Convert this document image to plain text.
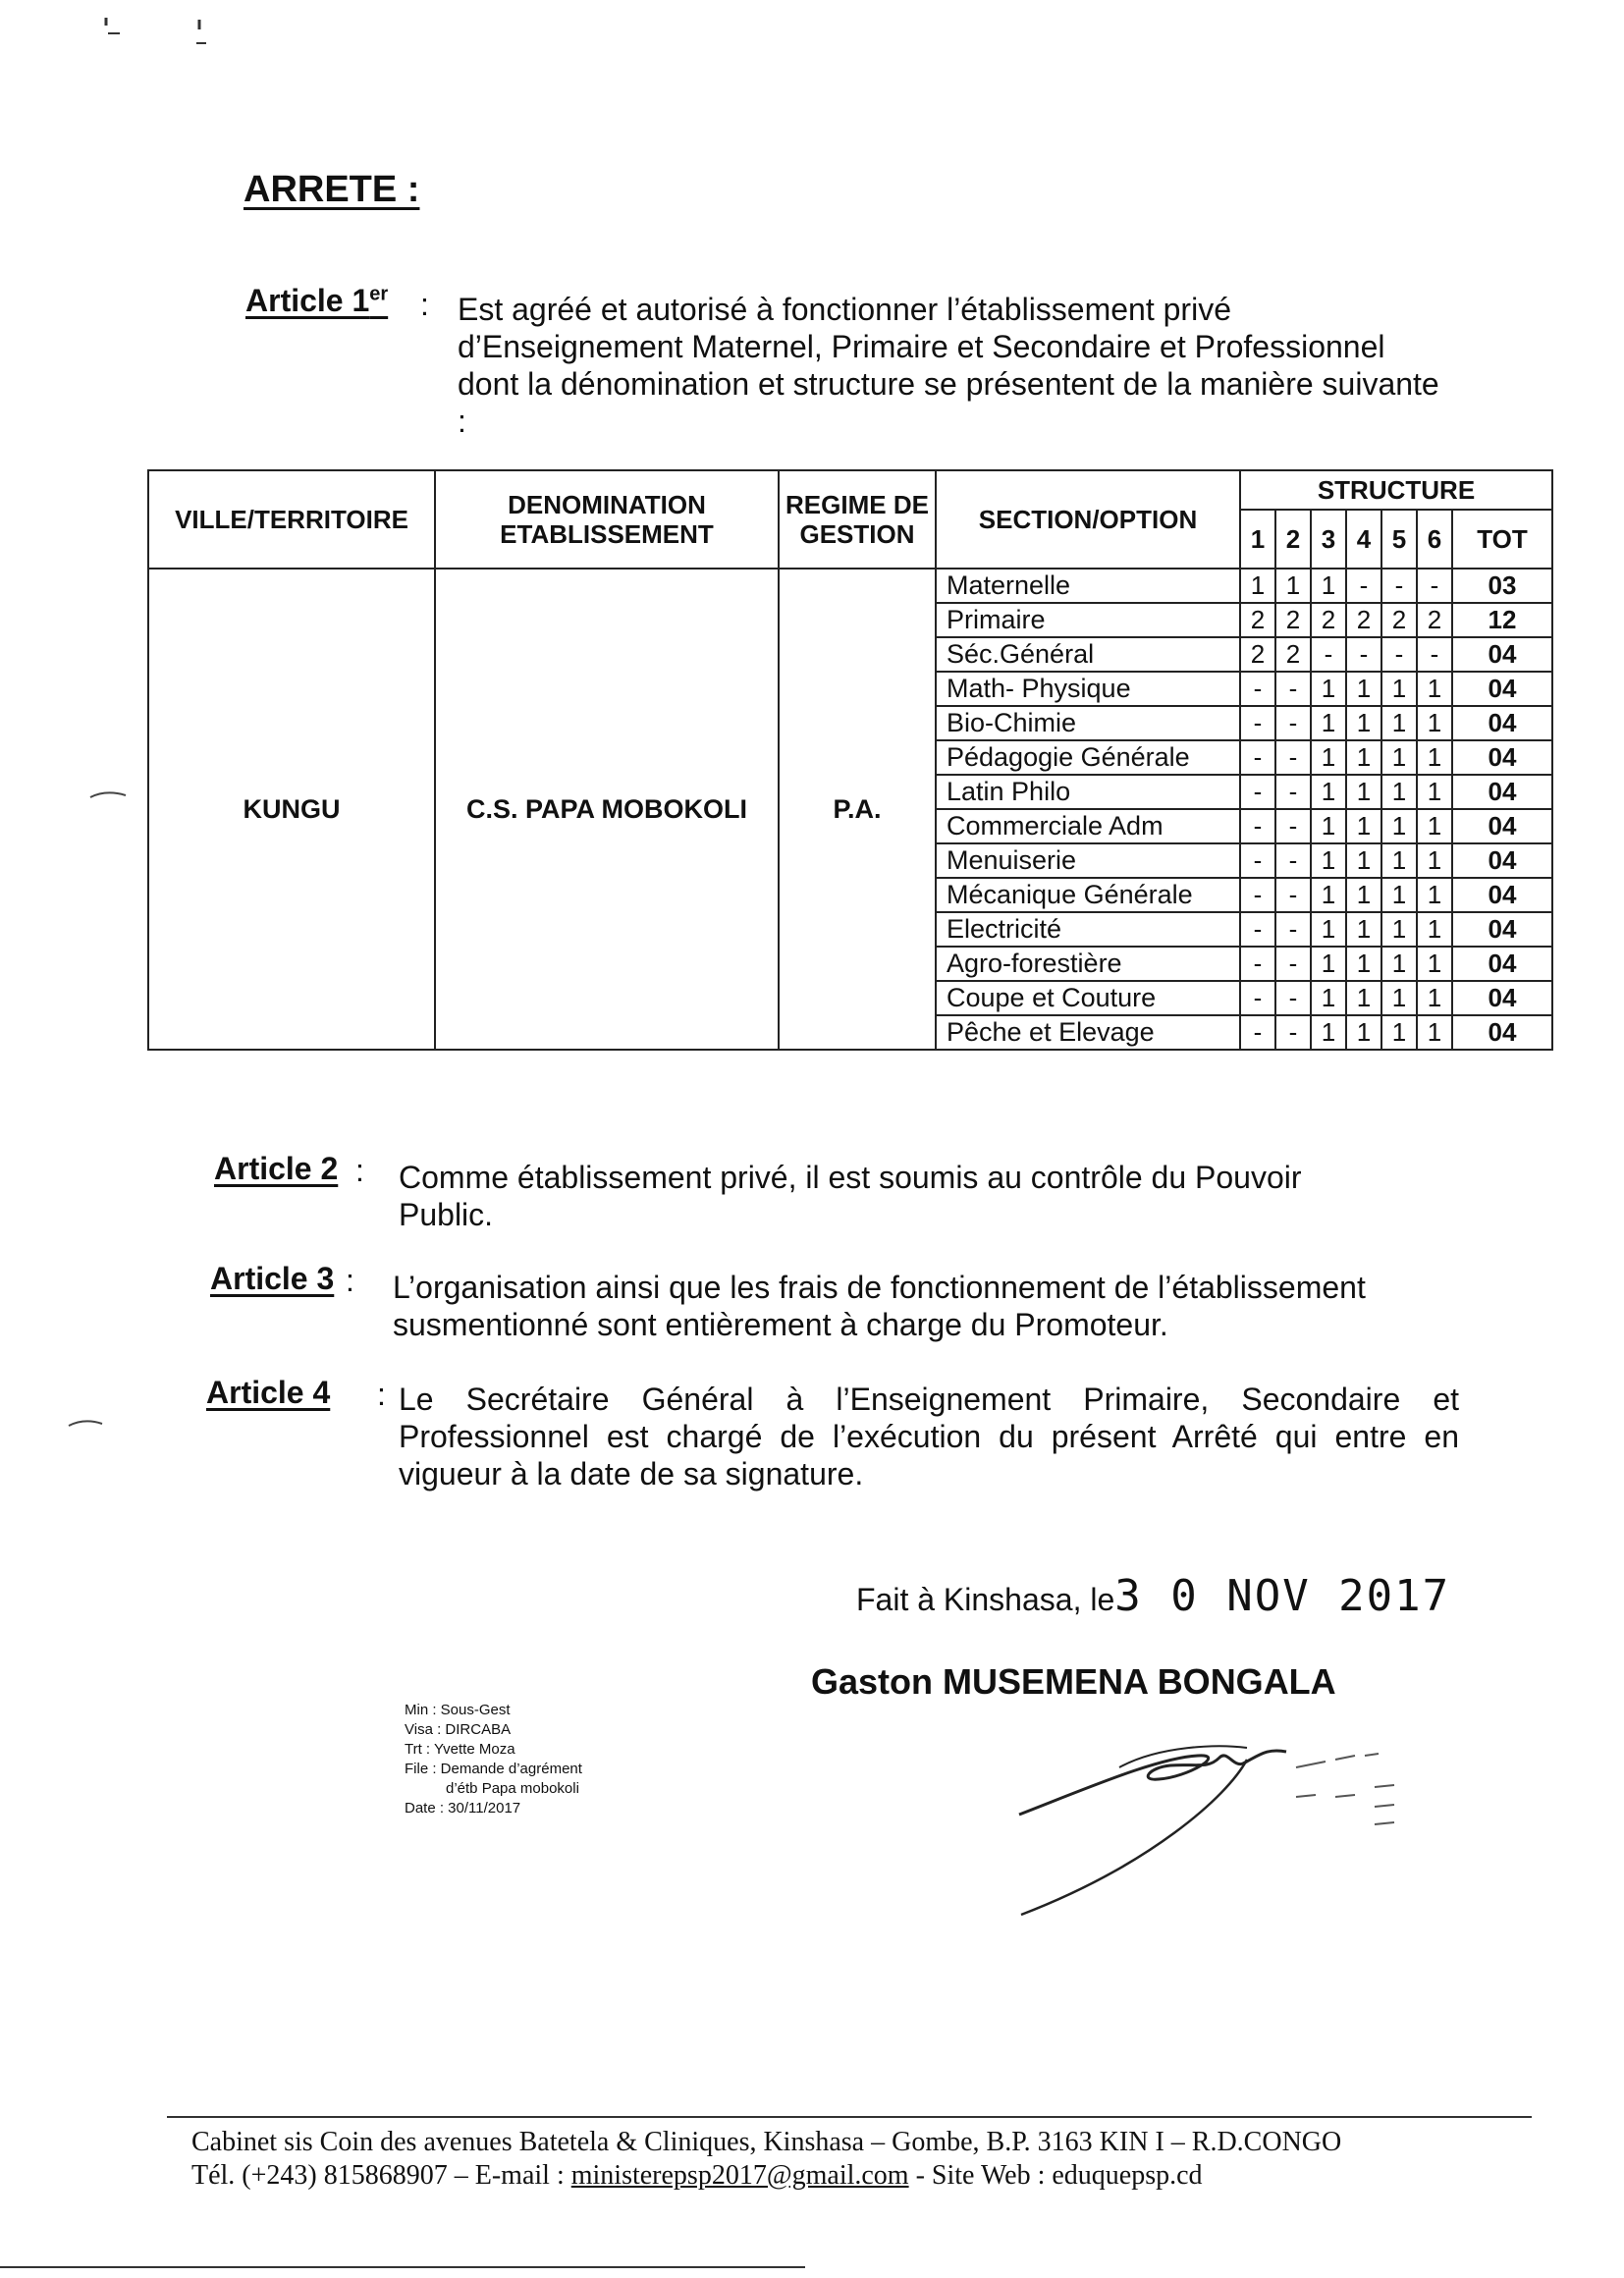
ARRETE :
Article 1er : Est agréé et autorisé à fonctionner l’établissement privé d’Enseignement Maternel, Primaire et Secondaire et Professionnel dont la dénomination et structure se présentent de la manière suivante :
VILLE/TERRITOIRE	DENOMINATION ETABLISSEMENT	REGIME DE GESTION	SECTION/OPTION	STRUCTURE						
				1	2	3	4	5	6	TOT
KUNGU	C.S. PAPA MOBOKOLI	P.A.	Maternelle	1	1	1	-	-	-	03
			Primaire	2	2	2	2	2	2	12
			Séc.Général	2	2	-	-	-	-	04
			Math- Physique	-	-	1	1	1	1	04
			Bio-Chimie	-	-	1	1	1	1	04
			Pédagogie Générale	-	-	1	1	1	1	04
			Latin Philo	-	-	1	1	1	1	04
			Commerciale Adm	-	-	1	1	1	1	04
			Menuiserie	-	-	1	1	1	1	04
			Mécanique Générale	-	-	1	1	1	1	04
			Electricité	-	-	1	1	1	1	04
			Agro-forestière	-	-	1	1	1	1	04
			Coupe et Couture	-	-	1	1	1	1	04
			Pêche et Elevage	-	-	1	1	1	1	04
Article 2 : Comme établissement privé, il est soumis au contrôle du Pouvoir Public.
Article 3 : L’organisation ainsi que les frais de fonctionnement de l’établissement susmentionné sont entièrement à charge du Promoteur.
Article 4 : Le Secrétaire Général à l’Enseignement Primaire, Secondaire et Professionnel est chargé de l’exécution du présent Arrêté qui entre en vigueur à la date de sa signature.
Fait à Kinshasa, le3 0 NOV 2017
Gaston MUSEMENA BONGALA
Min : Sous-Gest
Visa : DIRCABA
Trt : Yvette Moza
File : Demande d’agrément
d’étb Papa mobokoli
Date : 30/11/2017
Cabinet sis Coin des avenues Batetela & Cliniques, Kinshasa – Gombe, B.P. 3163 KIN I – R.D.CONGO
Tél. (+243) 815868907 – E-mail : ministerepsp2017@gmail.com - Site Web : eduquepsp.cd
